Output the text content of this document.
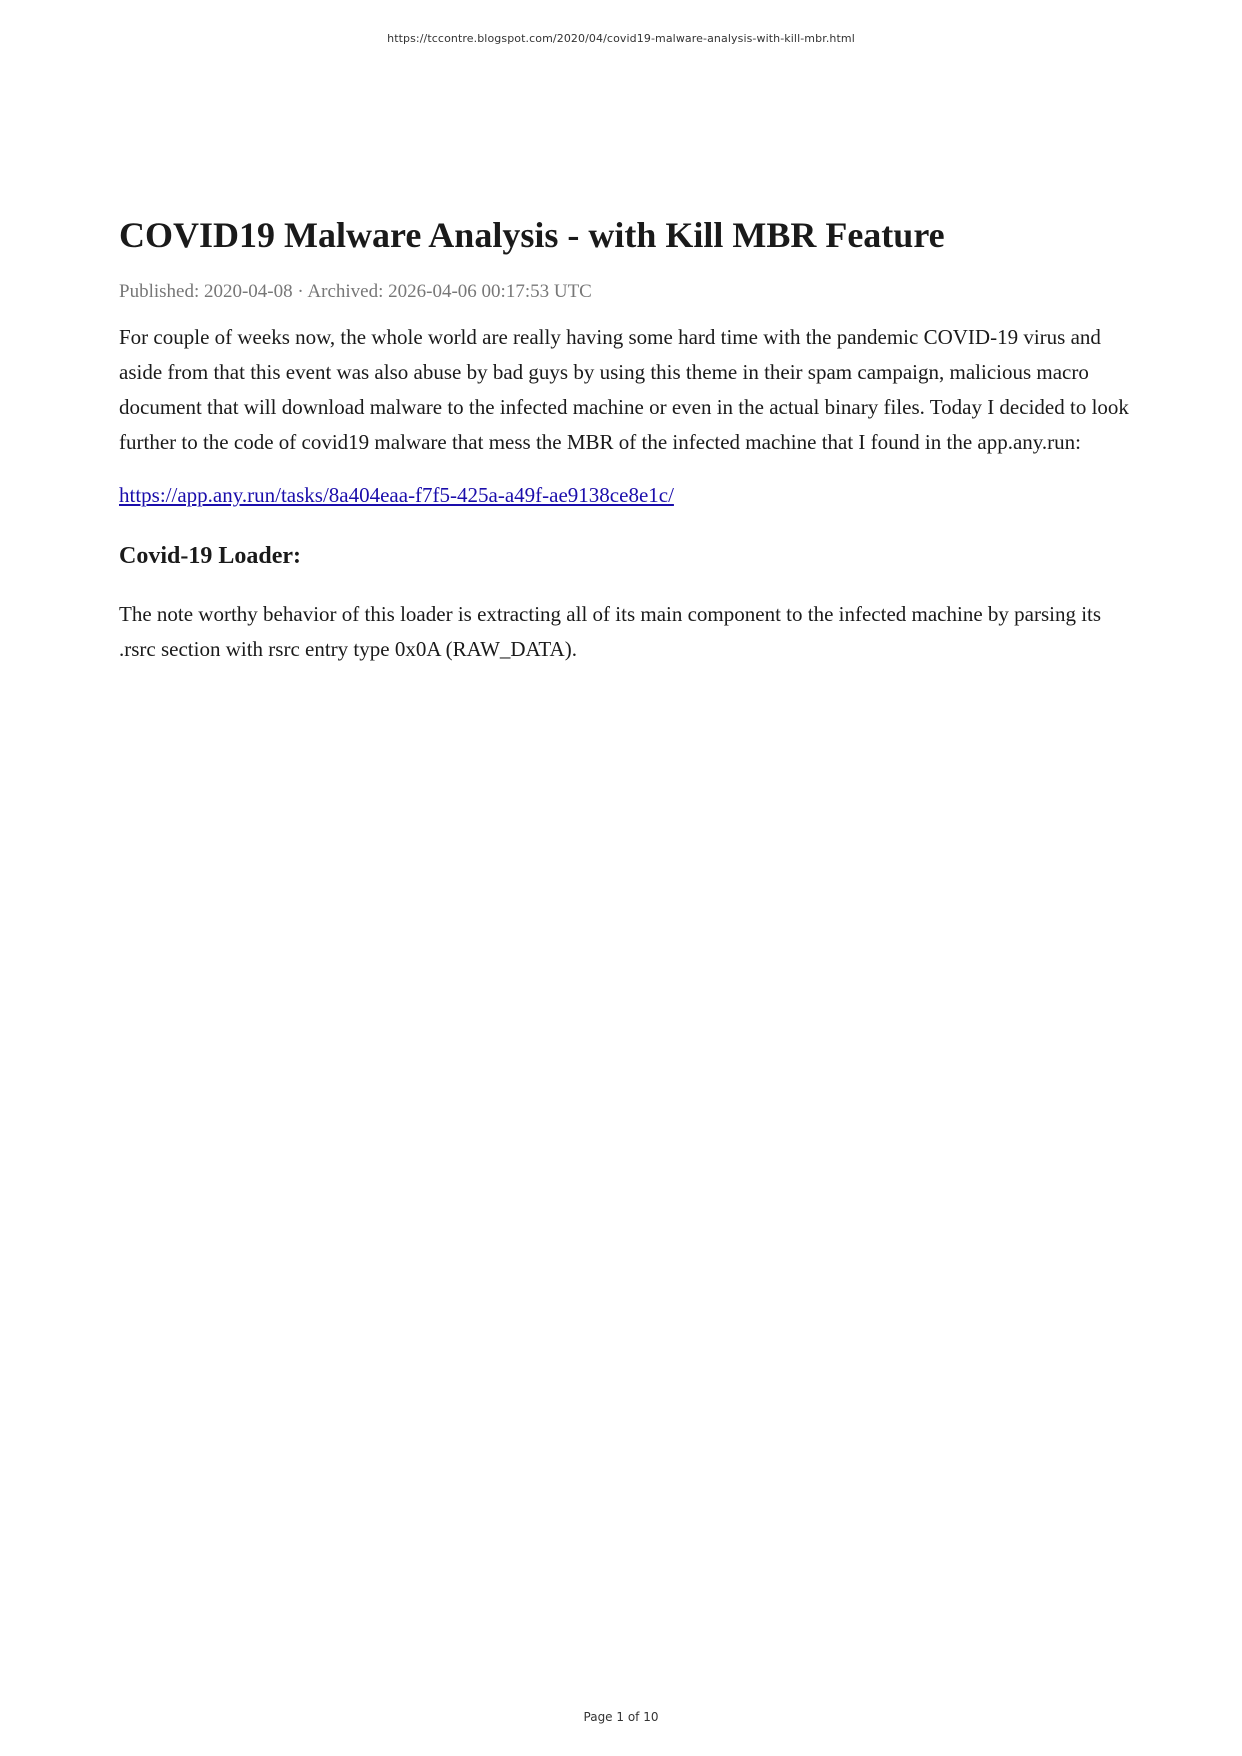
https://tccontre.blogspot.com/2020/04/covid19-malware-analysis-with-kill-mbr.html
COVID19 Malware Analysis - with Kill MBR Feature
Published: 2020-04-08 · Archived: 2026-04-06 00:17:53 UTC

For couple of weeks now, the whole world are really having some hard time with the pandemic COVID-19 virus and aside from that this event was also abuse by bad guys by using this theme in their spam campaign, malicious macro document that will download malware to the infected machine or even in the actual binary files. Today I decided to look further to the code of covid19 malware that mess the MBR of the infected machine that I found in the app.any.run:

https://app.any.run/tasks/8a404eaa-f7f5-425a-a49f-ae9138ce8e1c/

Covid-19 Loader:

The note worthy behavior of this loader is extracting all of its main component to the infected machine by parsing its .rsrc section with rsrc entry type 0x0A (RAW_DATA).

Page 1 of 10
